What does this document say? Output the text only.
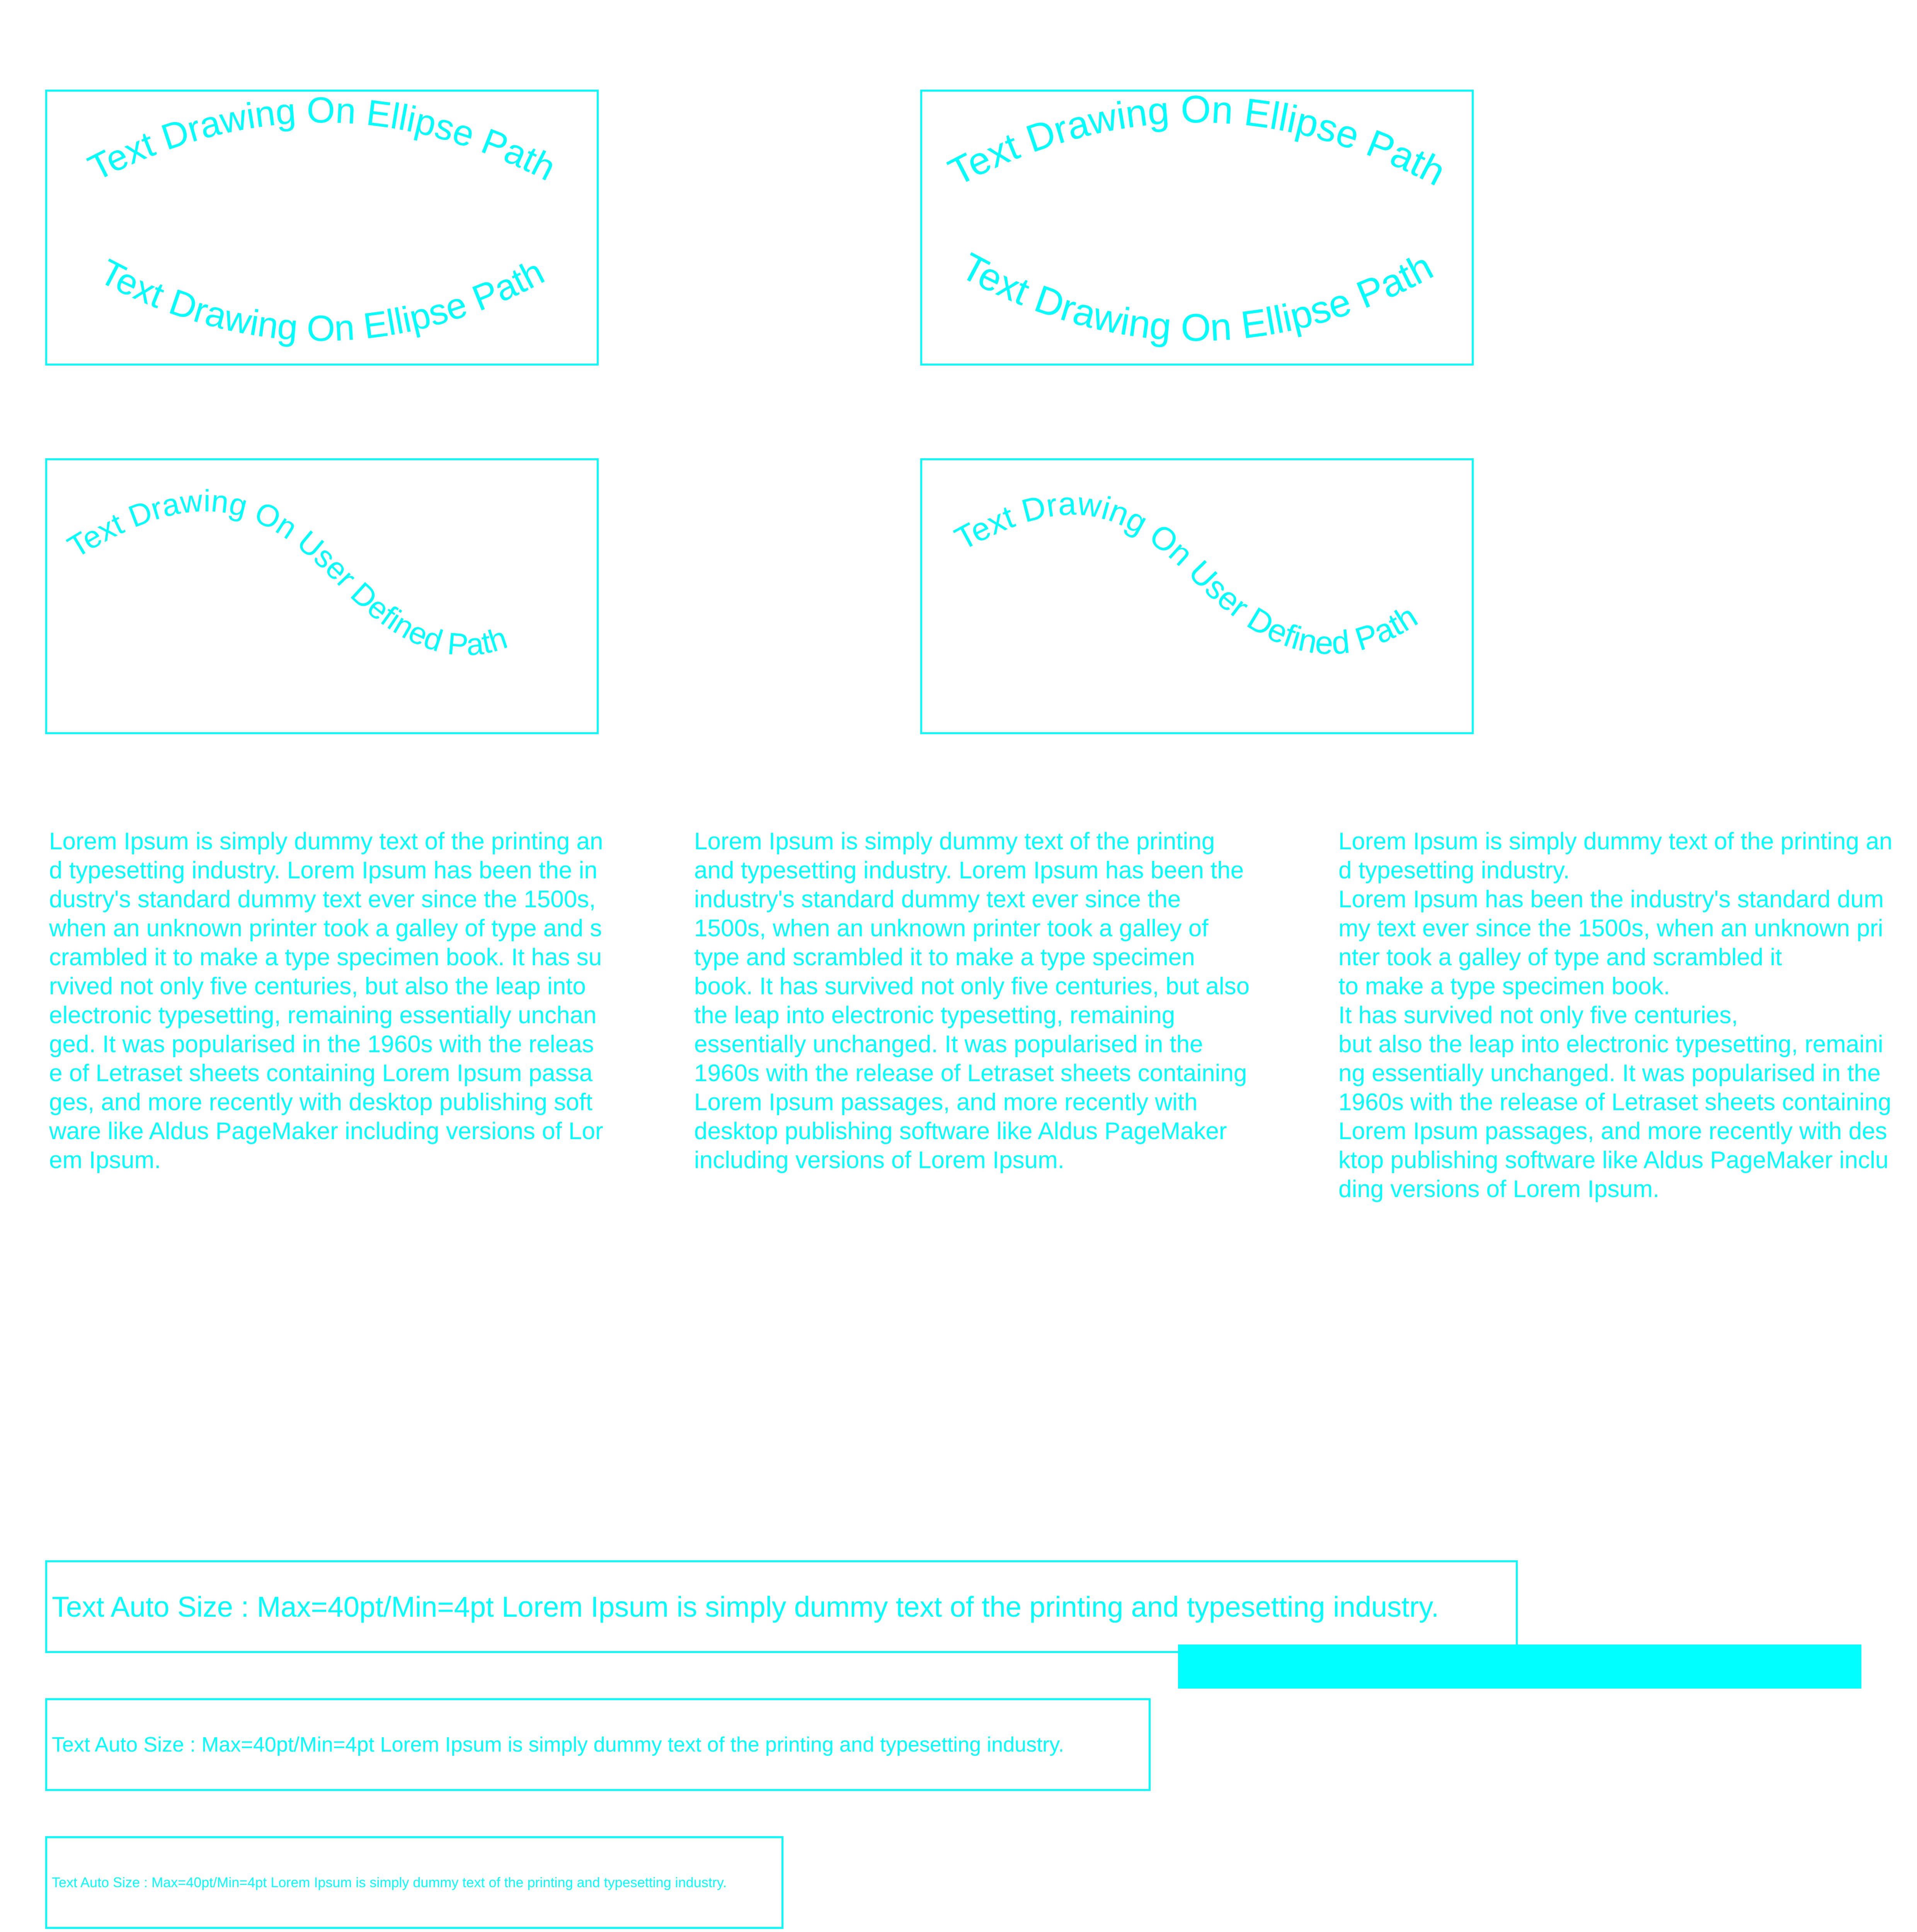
Text Drawing On Ellipse Path
Text Drawing On Ellipse Path
Text Drawing On Ellipse Path
Text Drawing On Ellipse Path
Text Drawing On User Defined Path
Text Drawing On User Defined Path
Lorem Ipsum is simply dummy text of the printing and typesetting industry. Lorem Ipsum has been the industry's standard dummy text ever since the 1500s, when an unknown printer took a galley of type and scrambled it to make a type specimen book. It has survived not only five centuries, but also the leap into electronic typesetting, remaining essentially unchanged. It was popularised in the 1960s with the release of Letraset sheets containing Lorem Ipsum passages, and more recently with desktop publishing software like Aldus PageMaker including versions of Lorem Ipsum.
Lorem Ipsum is simply dummy text of the printing and typesetting industry. Lorem Ipsum has been the industry's standard dummy text ever since the 1500s, when an unknown printer took a galley of type and scrambled it to make a type specimen book. It has survived not only five centuries, but also the leap into electronic typesetting, remaining essentially unchanged. It was popularised in the 1960s with the release of Letraset sheets containing Lorem Ipsum passages, and more recently with desktop publishing software like Aldus PageMaker including versions of Lorem Ipsum.
Lorem Ipsum is simply dummy text of the printing and typesetting industry.
Lorem Ipsum has been the industry's standard dummy text ever since the 1500s, when an unknown printer took a galley of type and scrambled it
to make a type specimen book.
It has survived not only five centuries,
but also the leap into electronic typesetting, remaining essentially unchanged. It was popularised in the 1960s with the release of Letraset sheets containing Lorem Ipsum passages, and more recently with desktop publishing software like Aldus PageMaker including versions of Lorem Ipsum.
Text Auto Size : Max=40pt/Min=4pt Lorem Ipsum is simply dummy text of the printing and typesetting industry.
Text Auto Size : Max=40pt/Min=4pt Lorem Ipsum is simply dummy text of the printing and typesetting industry.
Text Auto Size : Max=40pt/Min=4pt Lorem Ipsum is simply dummy text of the printing and typesetting industry.
